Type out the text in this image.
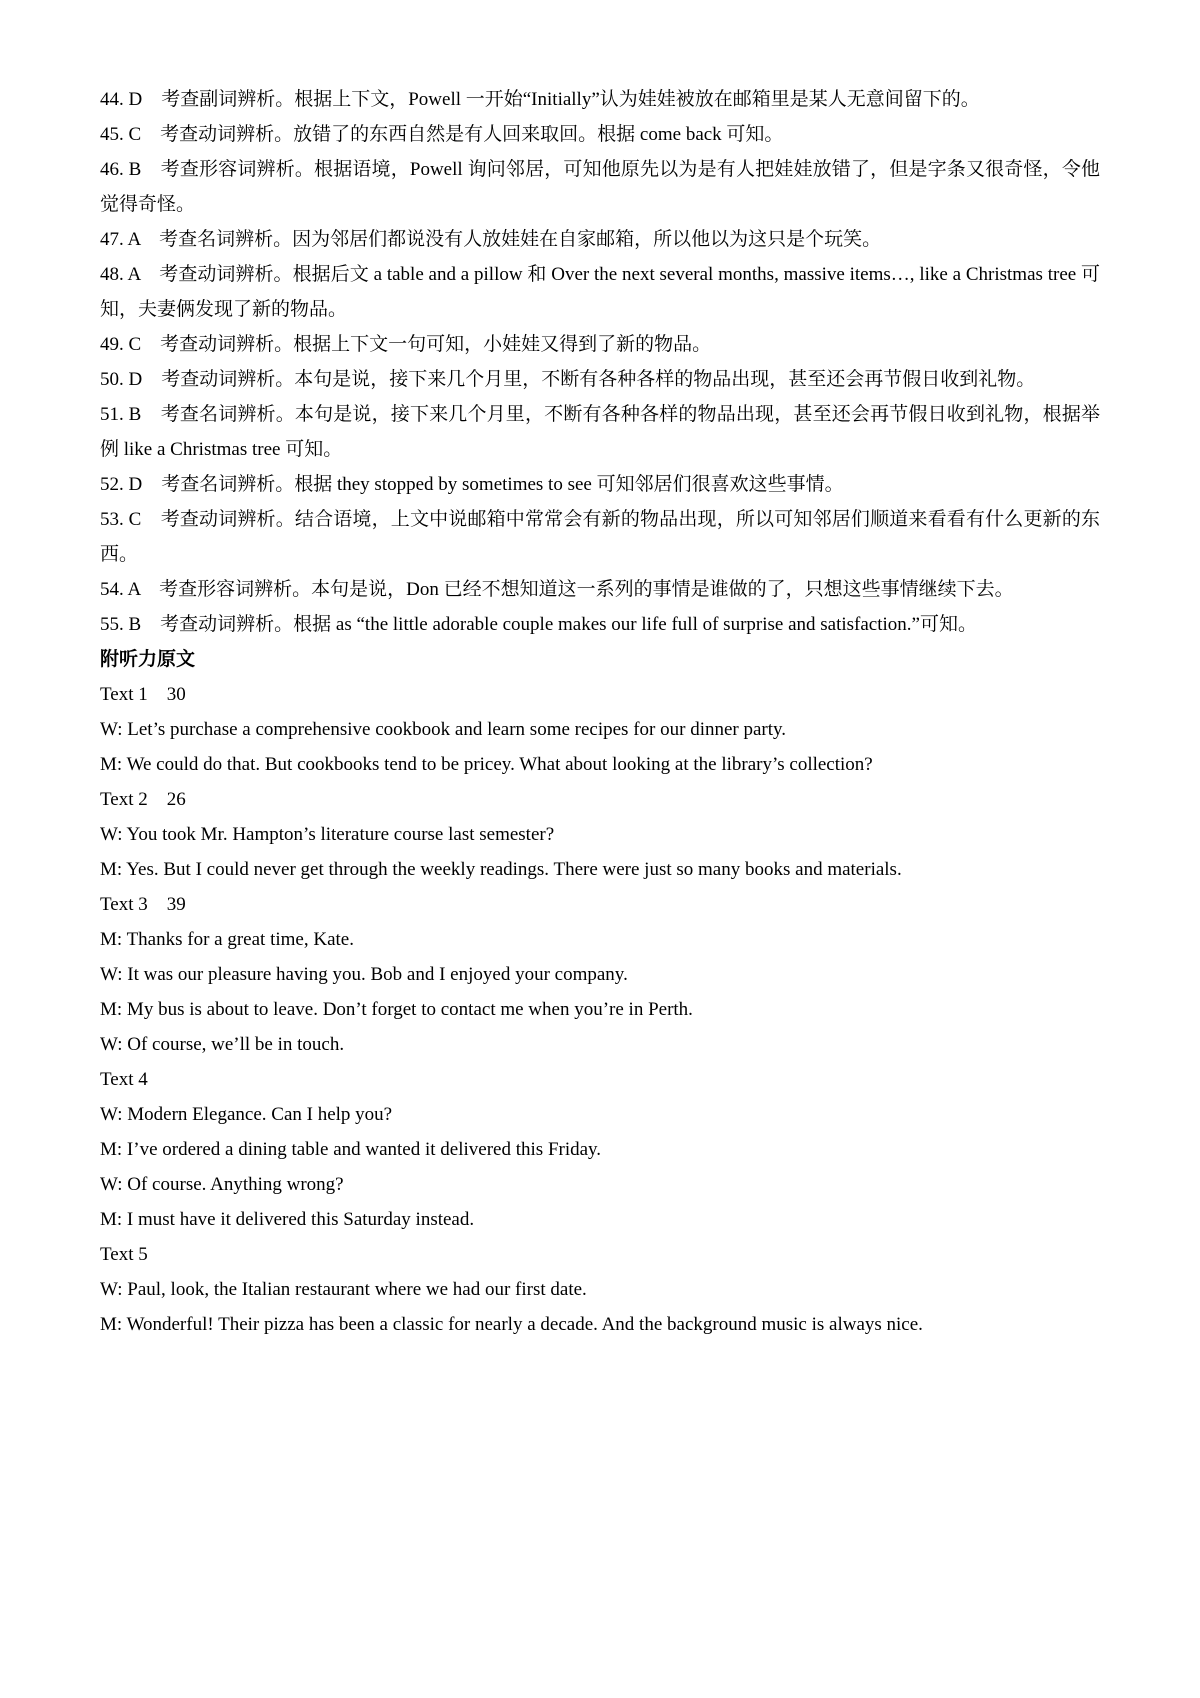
44. D　考查副词辨析。根据上下文，Powell 一开始“Initially”认为娃娃被放在邮箱里是某人无意间留下的。

45. C　考查动词辨析。放错了的东西自然是有人回来取回。根据 come back 可知。

46. B　考查形容词辨析。根据语境，Powell 询问邻居，可知他原先以为是有人把娃娃放错了，但是字条又很奇怪，令他觉得奇怪。

47. A　考查名词辨析。因为邻居们都说没有人放娃娃在自家邮箱，所以他以为这只是个玩笑。

48. A　考查动词辨析。根据后文 a table and a pillow 和 Over the next several months, massive items…, like a Christmas tree 可知，夫妻俩发现了新的物品。

49. C　考查动词辨析。根据上下文一句可知，小娃娃又得到了新的物品。

50. D　考查动词辨析。本句是说，接下来几个月里，不断有各种各样的物品出现，甚至还会再节假日收到礼物。

51. B　考查名词辨析。本句是说，接下来几个月里，不断有各种各样的物品出现，甚至还会再节假日收到礼物，根据举例 like a Christmas tree 可知。

52. D　考查名词辨析。根据 they stopped by sometimes to see 可知邻居们很喜欢这些事情。

53. C　考查动词辨析。结合语境，上文中说邮箱中常常会有新的物品出现，所以可知邻居们顺道来看看有什么更新的东西。

54. A　考查形容词辨析。本句是说，Don 已经不想知道这一系列的事情是谁做的了，只想这些事情继续下去。

55. B　考查动词辨析。根据 as “the little adorable couple makes our life full of surprise and satisfaction.”可知。

附听力原文

Text 1　30

W: Let’s purchase a comprehensive cookbook and learn some recipes for our dinner party.

M: We could do that. But cookbooks tend to be pricey. What about looking at the library’s collection?

Text 2　26

W: You took Mr. Hampton’s literature course last semester?

M: Yes. But I could never get through the weekly readings. There were just so many books and materials.

Text 3　39

M: Thanks for a great time, Kate.

W: It was our pleasure having you. Bob and I enjoyed your company.

M: My bus is about to leave. Don’t forget to contact me when you’re in Perth.

W: Of course, we’ll be in touch.

Text 4

W: Modern Elegance. Can I help you?

M: I’ve ordered a dining table and wanted it delivered this Friday.

W: Of course. Anything wrong?

M: I must have it delivered this Saturday instead.

Text 5

W: Paul, look, the Italian restaurant where we had our first date.

M: Wonderful! Their pizza has been a classic for nearly a decade. And the background music is always nice.
